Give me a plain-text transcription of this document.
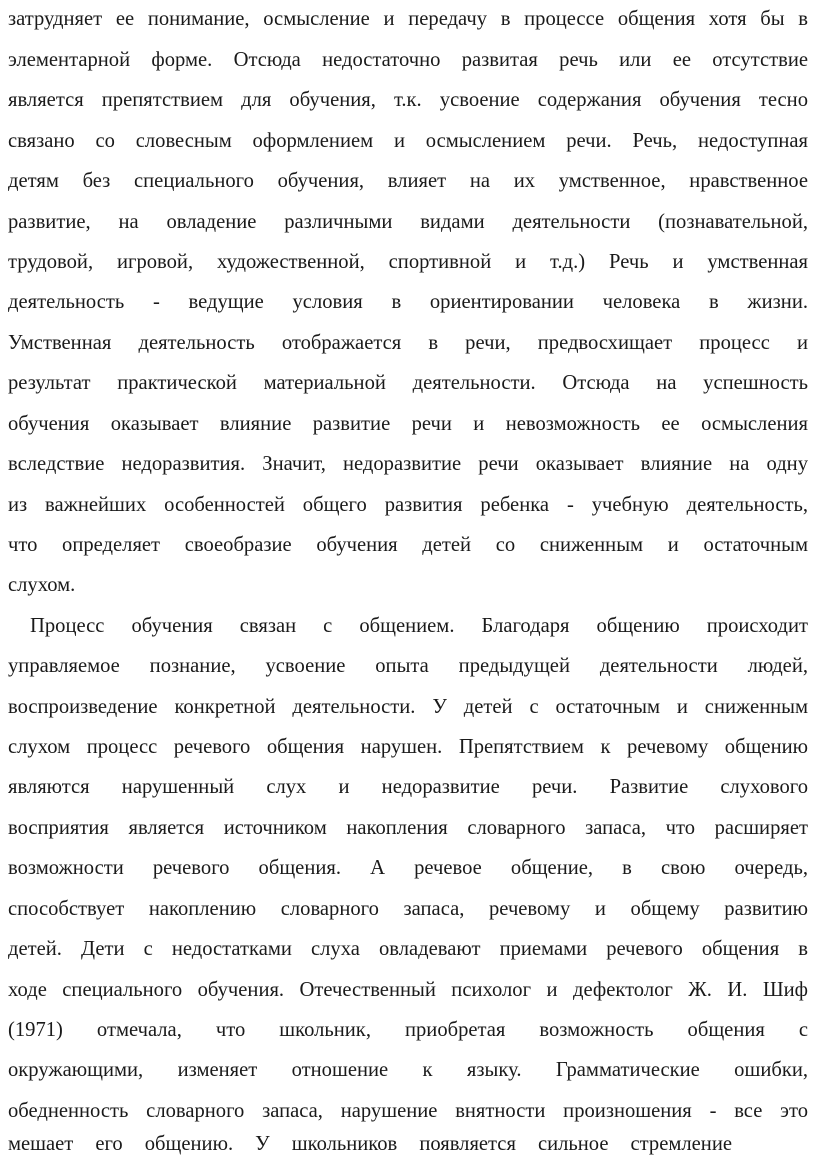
затрудняет ее понимание, осмысление и передачу в процессе общения хотя бы в
элементарной форме. Отсюда недостаточно развитая речь или ее отсутствие
является препятствием для обучения, т.к. усвоение содержания обучения тесно
связано со словесным оформлением и осмыслением речи. Речь, недоступная
детям без специального обучения, влияет на их умственное, нравственное
развитие, на овладение различными видами деятельности (познавательной,
трудовой, игровой, художественной, спортивной и т.д.) Речь и умственная
деятельность - ведущие условия в ориентировании человека в жизни.
Умственная деятельность отображается в речи, предвосхищает процесс и
результат практической материальной деятельности. Отсюда на успешность
обучения оказывает влияние развитие речи и невозможность ее осмысления
вследствие недоразвития. Значит, недоразвитие речи оказывает влияние на одну
из важнейших особенностей общего развития ребенка - учебную деятельность,
что определяет своеобразие обучения детей со сниженным и остаточным
слухом.
Процесс обучения связан с общением. Благодаря общению происходит
управляемое познание, усвоение опыта предыдущей деятельности людей,
воспроизведение конкретной деятельности. У детей с остаточным и сниженным
слухом процесс речевого общения нарушен. Препятствием к речевому общению
являются нарушенный слух и недоразвитие речи. Развитие слухового
восприятия является источником накопления словарного запаса, что расширяет
возможности речевого общения. А речевое общение, в свою очередь,
способствует накоплению словарного запаса, речевому и общему развитию
детей. Дети с недостатками слуха овладевают приемами речевого общения в
ходе специального обучения. Отечественный психолог и дефектолог Ж. И. Шиф
(1971) отмечала, что школьник, приобретая возможность общения с
окружающими, изменяет отношение к языку. Грамматические ошибки,
обедненность словарного запаса, нарушение внятности произношения - все это
мешает его общению. У школьников появляется сильное стремление
